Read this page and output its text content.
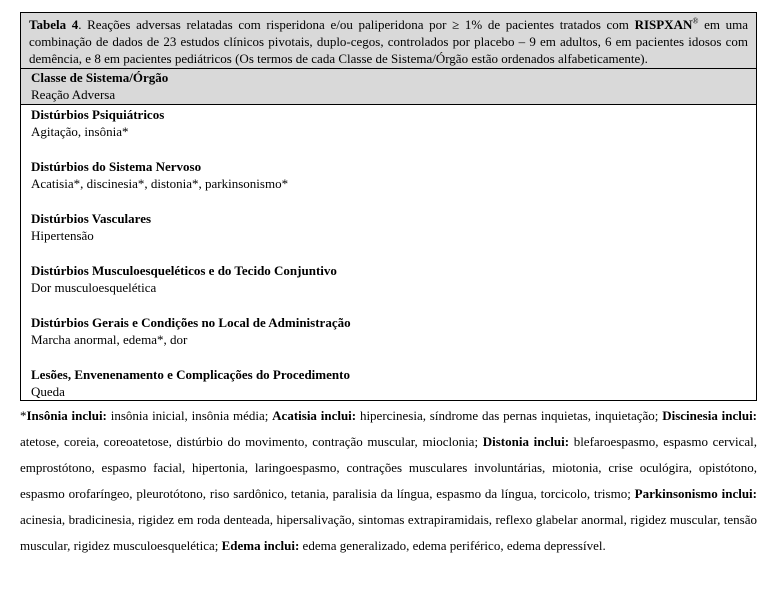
Tabela 4. Reações adversas relatadas com risperidona e/ou paliperidona por ≥ 1% de pacientes tratados com RISPXAN® em uma combinação de dados de 23 estudos clínicos pivotais, duplo-cegos, controlados por placebo – 9 em adultos, 6 em pacientes idosos com demência, e 8 em pacientes pediátricos (Os termos de cada Classe de Sistema/Órgão estão ordenados alfabeticamente).
Classe de Sistema/Órgão
Reação Adversa
Distúrbios Psiquiátricos
Agitação, insônia*
Distúrbios do Sistema Nervoso
Acatisia*, discinesia*, distonia*, parkinsonismo*
Distúrbios Vasculares
Hipertensão
Distúrbios Musculoesqueléticos e do Tecido Conjuntivo
Dor musculoesquelética
Distúrbios Gerais e Condições no Local de Administração
Marcha anormal, edema*, dor
Lesões, Envenenamento e Complicações do Procedimento
Queda
*Insônia inclui: insônia inicial, insônia média; Acatisia inclui: hipercinesia, síndrome das pernas inquietas, inquietação; Discinesia inclui: atetose, coreia, coreoatetose, distúrbio do movimento, contração muscular, mioclonia; Distonia inclui: blefaroespasmo, espasmo cervical, emprostótono, espasmo facial, hipertonia, laringoespasmo, contrações musculares involuntárias, miotonia, crise oculógira, opistótono, espasmo orofaríngeo, pleurotótono, riso sardônico, tetania, paralisia da língua, espasmo da língua, torcicolo, trismo; Parkinsonismo inclui: acinesia, bradicinesia, rigidez em roda denteada, hipersalivação, sintomas extrapiramidais, reflexo glabelar anormal, rigidez muscular, tensão muscular, rigidez musculoesquelética; Edema inclui: edema generalizado, edema periférico, edema depressível.
